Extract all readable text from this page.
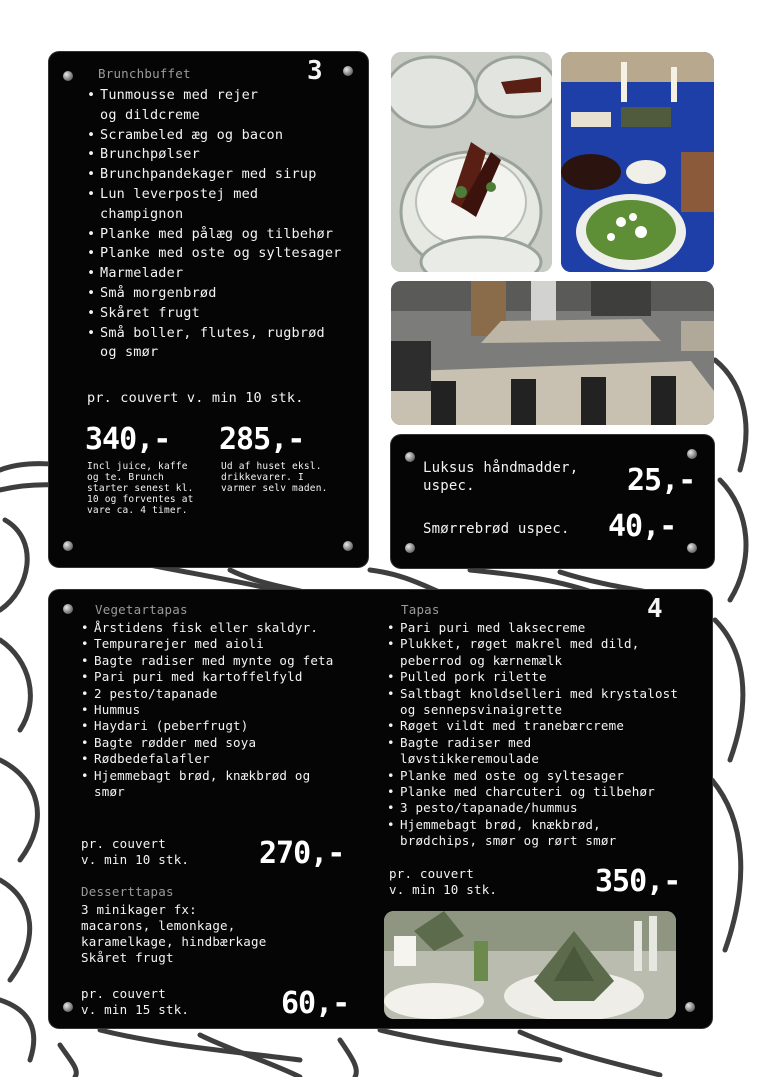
3
Brunchbuffet
• Tunmousse med rejer og dildcreme
• Scrambeled æg og bacon
• Brunchpølser
• Brunchpandekager med sirup
• Lun leverpostej med champignon
• Planke med pålæg og tilbehør
• Planke med oste og syltesager
• Marmelader
• Små morgenbrød
• Skåret frugt
• Små boller, flutes, rugbrød og smør
pr. couvert v. min 10 stk.
340,-
Incl juice, kaffe og te. Brunch starter senest kl. 10 og forventes at vare ca. 4 timer.
285,-
Ud af huset eksl. drikkevarer. I varmer selv maden.
Luksus håndmadder, uspec.	25,-
Smørrebrød uspec. 40,-
4
Vegetartapas
• Årstidens fisk eller skaldyr.
• Tempurarejer med aioli
• Bagte radiser med mynte og feta
• Pari puri med kartoffelfyld
• 2 pesto/tapanade
• Hummus
• Haydari (peberfrugt)
• Bagte rødder med soya
• Rødbedefalafler
• Hjemmebagt brød, knækbrød og smør
pr. couvert
v. min 10 stk. 270,-
Desserttapas
3 minikager fx:
macarons, lemonkage,
karamelkage, hindbærkage
Skåret frugt
pr. couvert
v. min 15 stk.	60,-
Tapas
• Pari puri med laksecreme
• Plukket, røget makrel med dild, peberrod og kærnemælk
• Pulled pork rilette
• Saltbagt knoldselleri med krystalost og sennepsvinaigrette
• Røget vildt med tranebærcreme
• Bagte radiser med løvstikkeremoulade
• Planke med oste og syltesager
• Planke med charcuteri og tilbehør
• 3 pesto/tapanade/hummus
• Hjemmebagt brød, knækbrød, brødchips, smør og rørt smør
pr. couvert
v. min 10 stk.	350,-
